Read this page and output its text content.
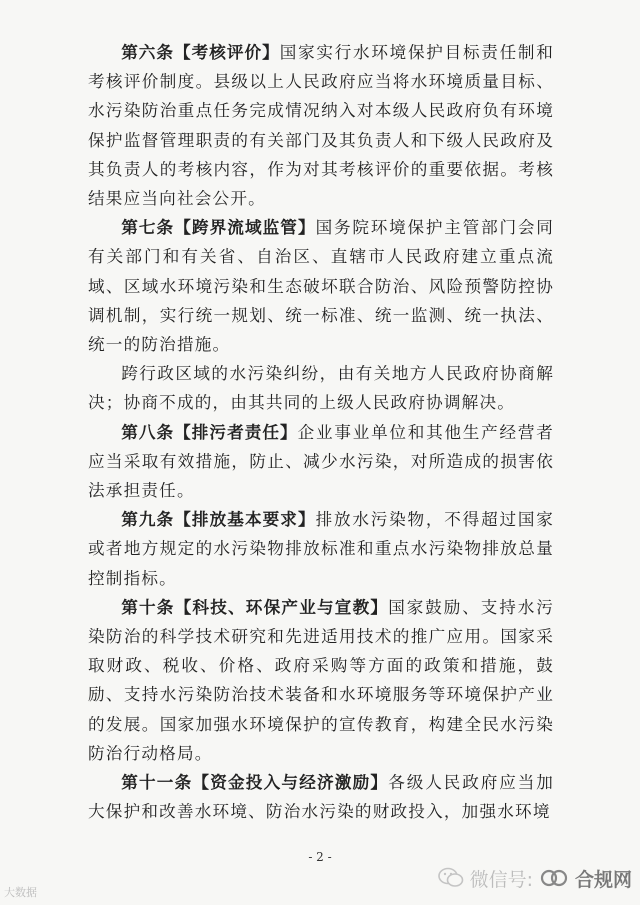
第六条【考核评价】国家实行水环境保护目标责任制和考核评价制度。县级以上人民政府应当将水环境质量目标、水污染防治重点任务完成情况纳入对本级人民政府负有环境保护监督管理职责的有关部门及其负责人和下级人民政府及其负责人的考核内容，作为对其考核评价的重要依据。考核结果应当向社会公开。

第七条【跨界流域监管】国务院环境保护主管部门会同有关部门和有关省、自治区、直辖市人民政府建立重点流域、区域水环境污染和生态破坏联合防治、风险预警防控协调机制，实行统一规划、统一标准、统一监测、统一执法、统一的防治措施。

跨行政区域的水污染纠纷，由有关地方人民政府协商解决；协商不成的，由其共同的上级人民政府协调解决。

第八条【排污者责任】企业事业单位和其他生产经营者应当采取有效措施，防止、减少水污染，对所造成的损害依法承担责任。

第九条【排放基本要求】排放水污染物，不得超过国家或者地方规定的水污染物排放标准和重点水污染物排放总量控制指标。

第十条【科技、环保产业与宣教】国家鼓励、支持水污染防治的科学技术研究和先进适用技术的推广应用。国家采取财政、税收、价格、政府采购等方面的政策和措施，鼓励、支持水污染防治技术装备和水环境服务等环境保护产业的发展。国家加强水环境保护的宣传教育，构建全民水污染防治行动格局。

第十一条【资金投入与经济激励】各级人民政府应当加大保护和改善水环境、防治水污染的财政投入，加强水环境

- 2 -
大数据
微信号: 合规网
